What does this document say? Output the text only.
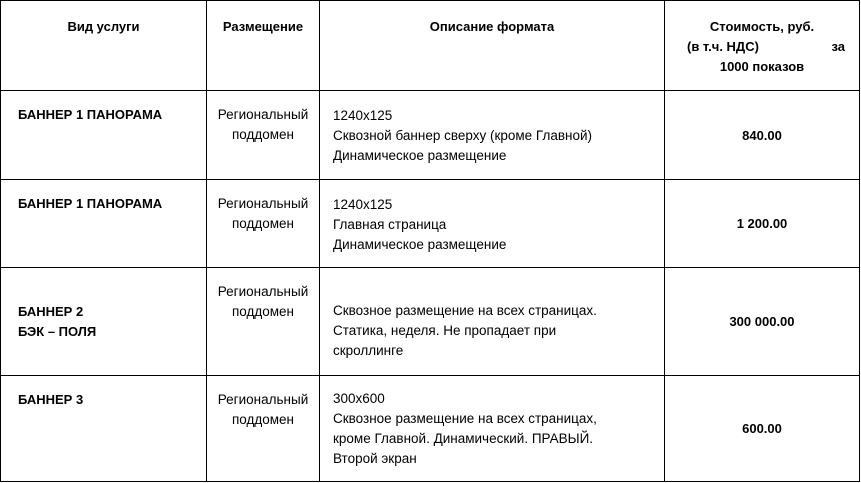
Вид услуги	Размещение	Описание формата	Стоимость, руб.
(в т.ч. НДС) за
1000 показов

БАННЕР 1 ПАНОРАМА	Региональный
поддомен	1240х125
Сквозной баннер сверху (кроме Главной)
Динамическое размещение	840.00

БАННЕР 1 ПАНОРАМА	Региональный
поддомен	1240х125
Главная страница
Динамическое размещение	1 200.00

БАННЕР 2
БЭК – ПОЛЯ	Региональный
поддомен	Сквозное размещение на всех страницах.
Статика, неделя. Не пропадает при
скроллинге	300 000.00

БАННЕР 3	Региональный
поддомен	300х600
Сквозное размещение на всех страницах,
кроме Главной. Динамический. ПРАВЫЙ.
Второй экран	600.00
